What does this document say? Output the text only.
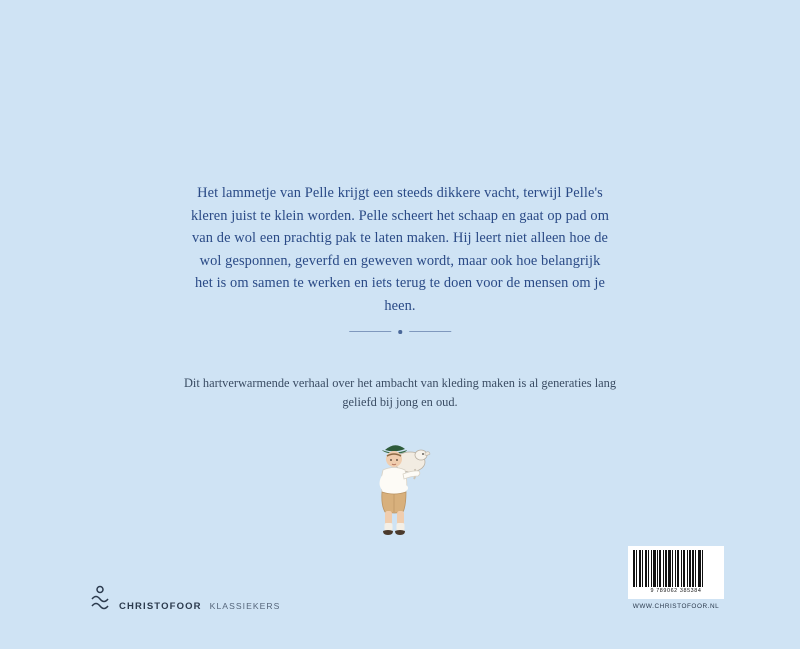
Het lammetje van Pelle krijgt een steeds dikkere vacht, terwijl Pelle's kleren juist te klein worden. Pelle scheert het schaap en gaat op pad om van de wol een prachtig pak te laten maken. Hij leert niet alleen hoe de wol gesponnen, geverfd en geweven wordt, maar ook hoe belangrijk het is om samen te werken en iets terug te doen voor de mensen om je heen.

Dit hartverwarmende verhaal over het ambacht van kleding maken is al generaties lang geliefd bij jong en oud.

CHRISTOFOOR KLASSIEKERS
9 789062 385384
WWW.CHRISTOFOOR.NL
